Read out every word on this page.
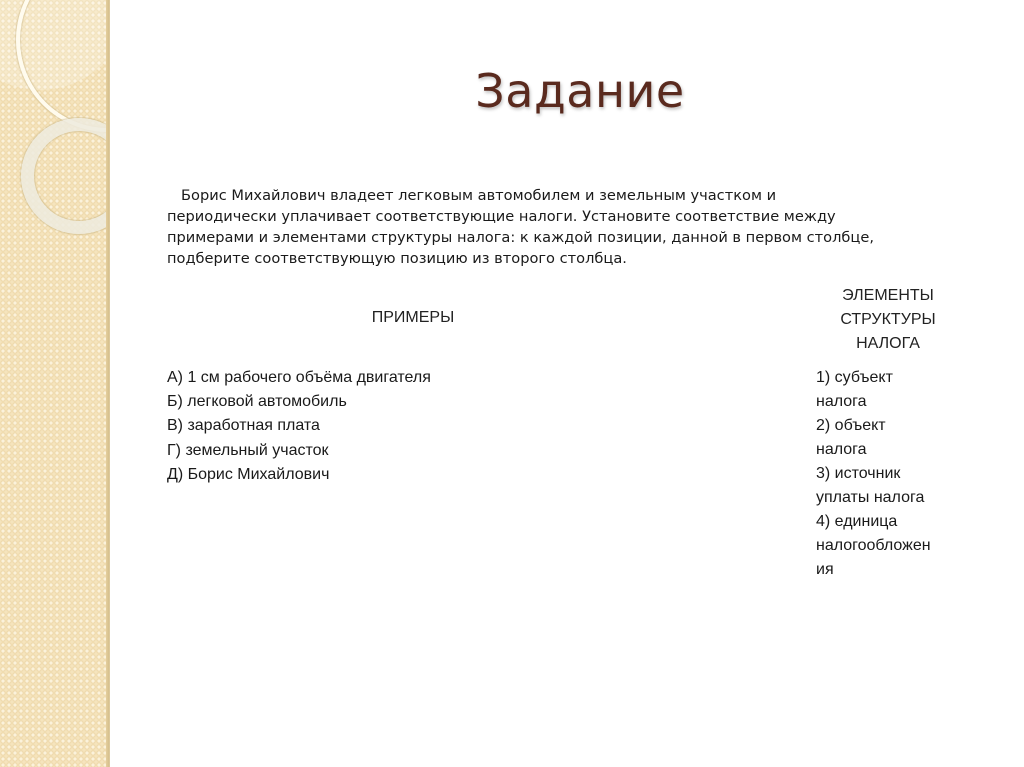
Задание
Борис Михайлович владеет легковым автомобилем и земельным участком и
периодически уплачивает соответствующие налоги. Установите соответствие между
примерами и элементами структуры налога: к каждой позиции, данной в первом столбце,
подберите соответствующую позицию из второго столбца.
ПРИМЕРЫ
ЭЛЕМЕНТЫ
СТРУКТУРЫ
НАЛОГА
А) 1 см рабочего объёма двигателя
Б) легковой автомобиль
В) заработная плата
Г) земельный участок
Д) Борис Михайлович
1) субъект
налога
2) объект
налога
3) источник
уплаты налога
4) единица
налогообложен
ия
